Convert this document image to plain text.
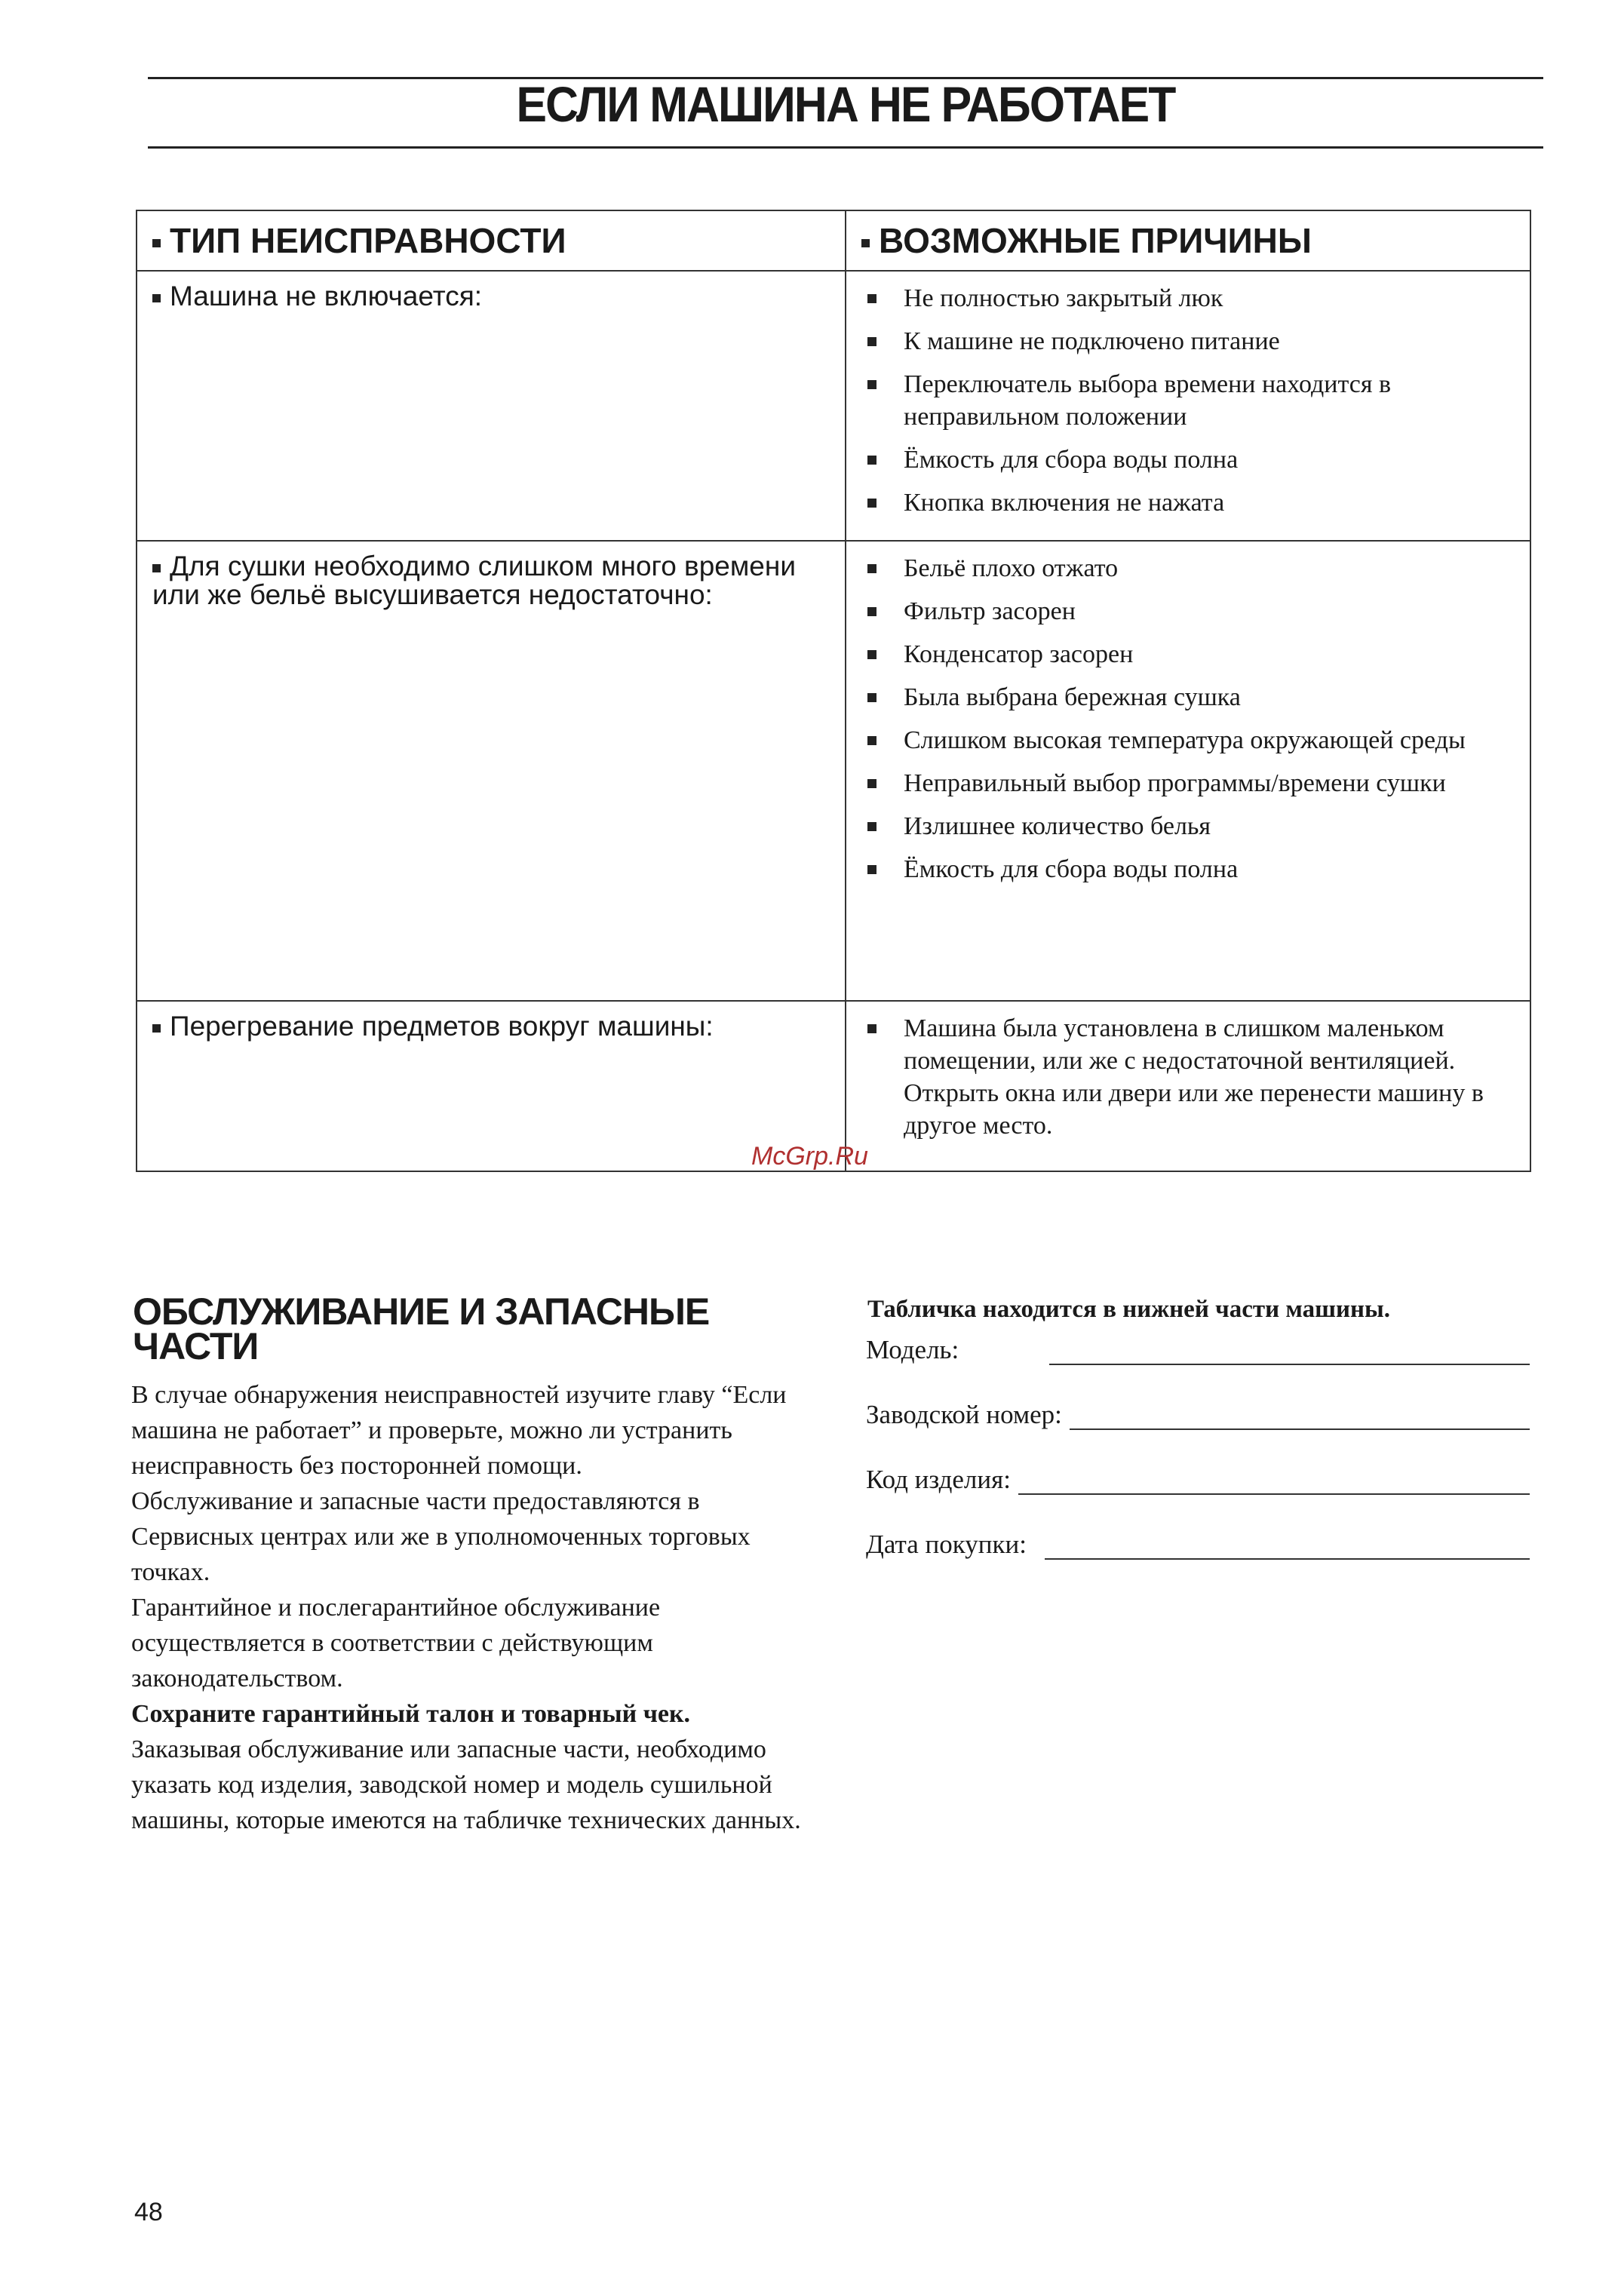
ЕСЛИ МАШИНА НЕ РАБОТАЕТ
ТИП НЕИСПРАВНОСТИ	ВОЗМОЖНЫЕ ПРИЧИНЫ
Машина не включается:	Не полностью закрытый люк
К машине не подключено питание
Переключатель выбора времени находится в неправильном положении
Ёмкость для сбора воды полна
Кнопка включения не нажата
Для сушки необходимо слишком много времени или же бельё высушивается недостаточно:
Бельё плохо отжато
Фильтр засорен
Конденсатор засорен
Была выбрана бережная сушка
Слишком высокая температура окружающей среды
Неправильный выбор программы/времени сушки
Излишнее количество белья
Ёмкость для сбора воды полна
Перегревание предметов вокруг машины:	Машина была установлена в слишком маленьком помещении, или же с недостаточной вентиляцией. Открыть окна или двери или же перенести машину в другое место.
McGrp.Ru
ОБСЛУЖИВАНИЕ И ЗАПАСНЫЕ ЧАСТИ

В случае обнаружения неисправностей изучите главу “Если машина не работает” и проверьте, можно ли устранить неисправность без посторонней помощи.

Обслуживание и запасные части предоставляются в Сервисных центрах или же в уполномоченных торговых точках.

Гарантийное и послегарантийное обслуживание осуществляется в соответствии с действующим законодательством.

Сохраните гарантийный талон и товарный чек.

Заказывая обслуживание или запасные части, необходимо указать код изделия, заводской номер и модель сушильной машины, которые имеются на табличке технических данных.

Табличка находится в нижней части машины.
Модель:
Заводской номер:
Код изделия:
Дата покупки:
48
